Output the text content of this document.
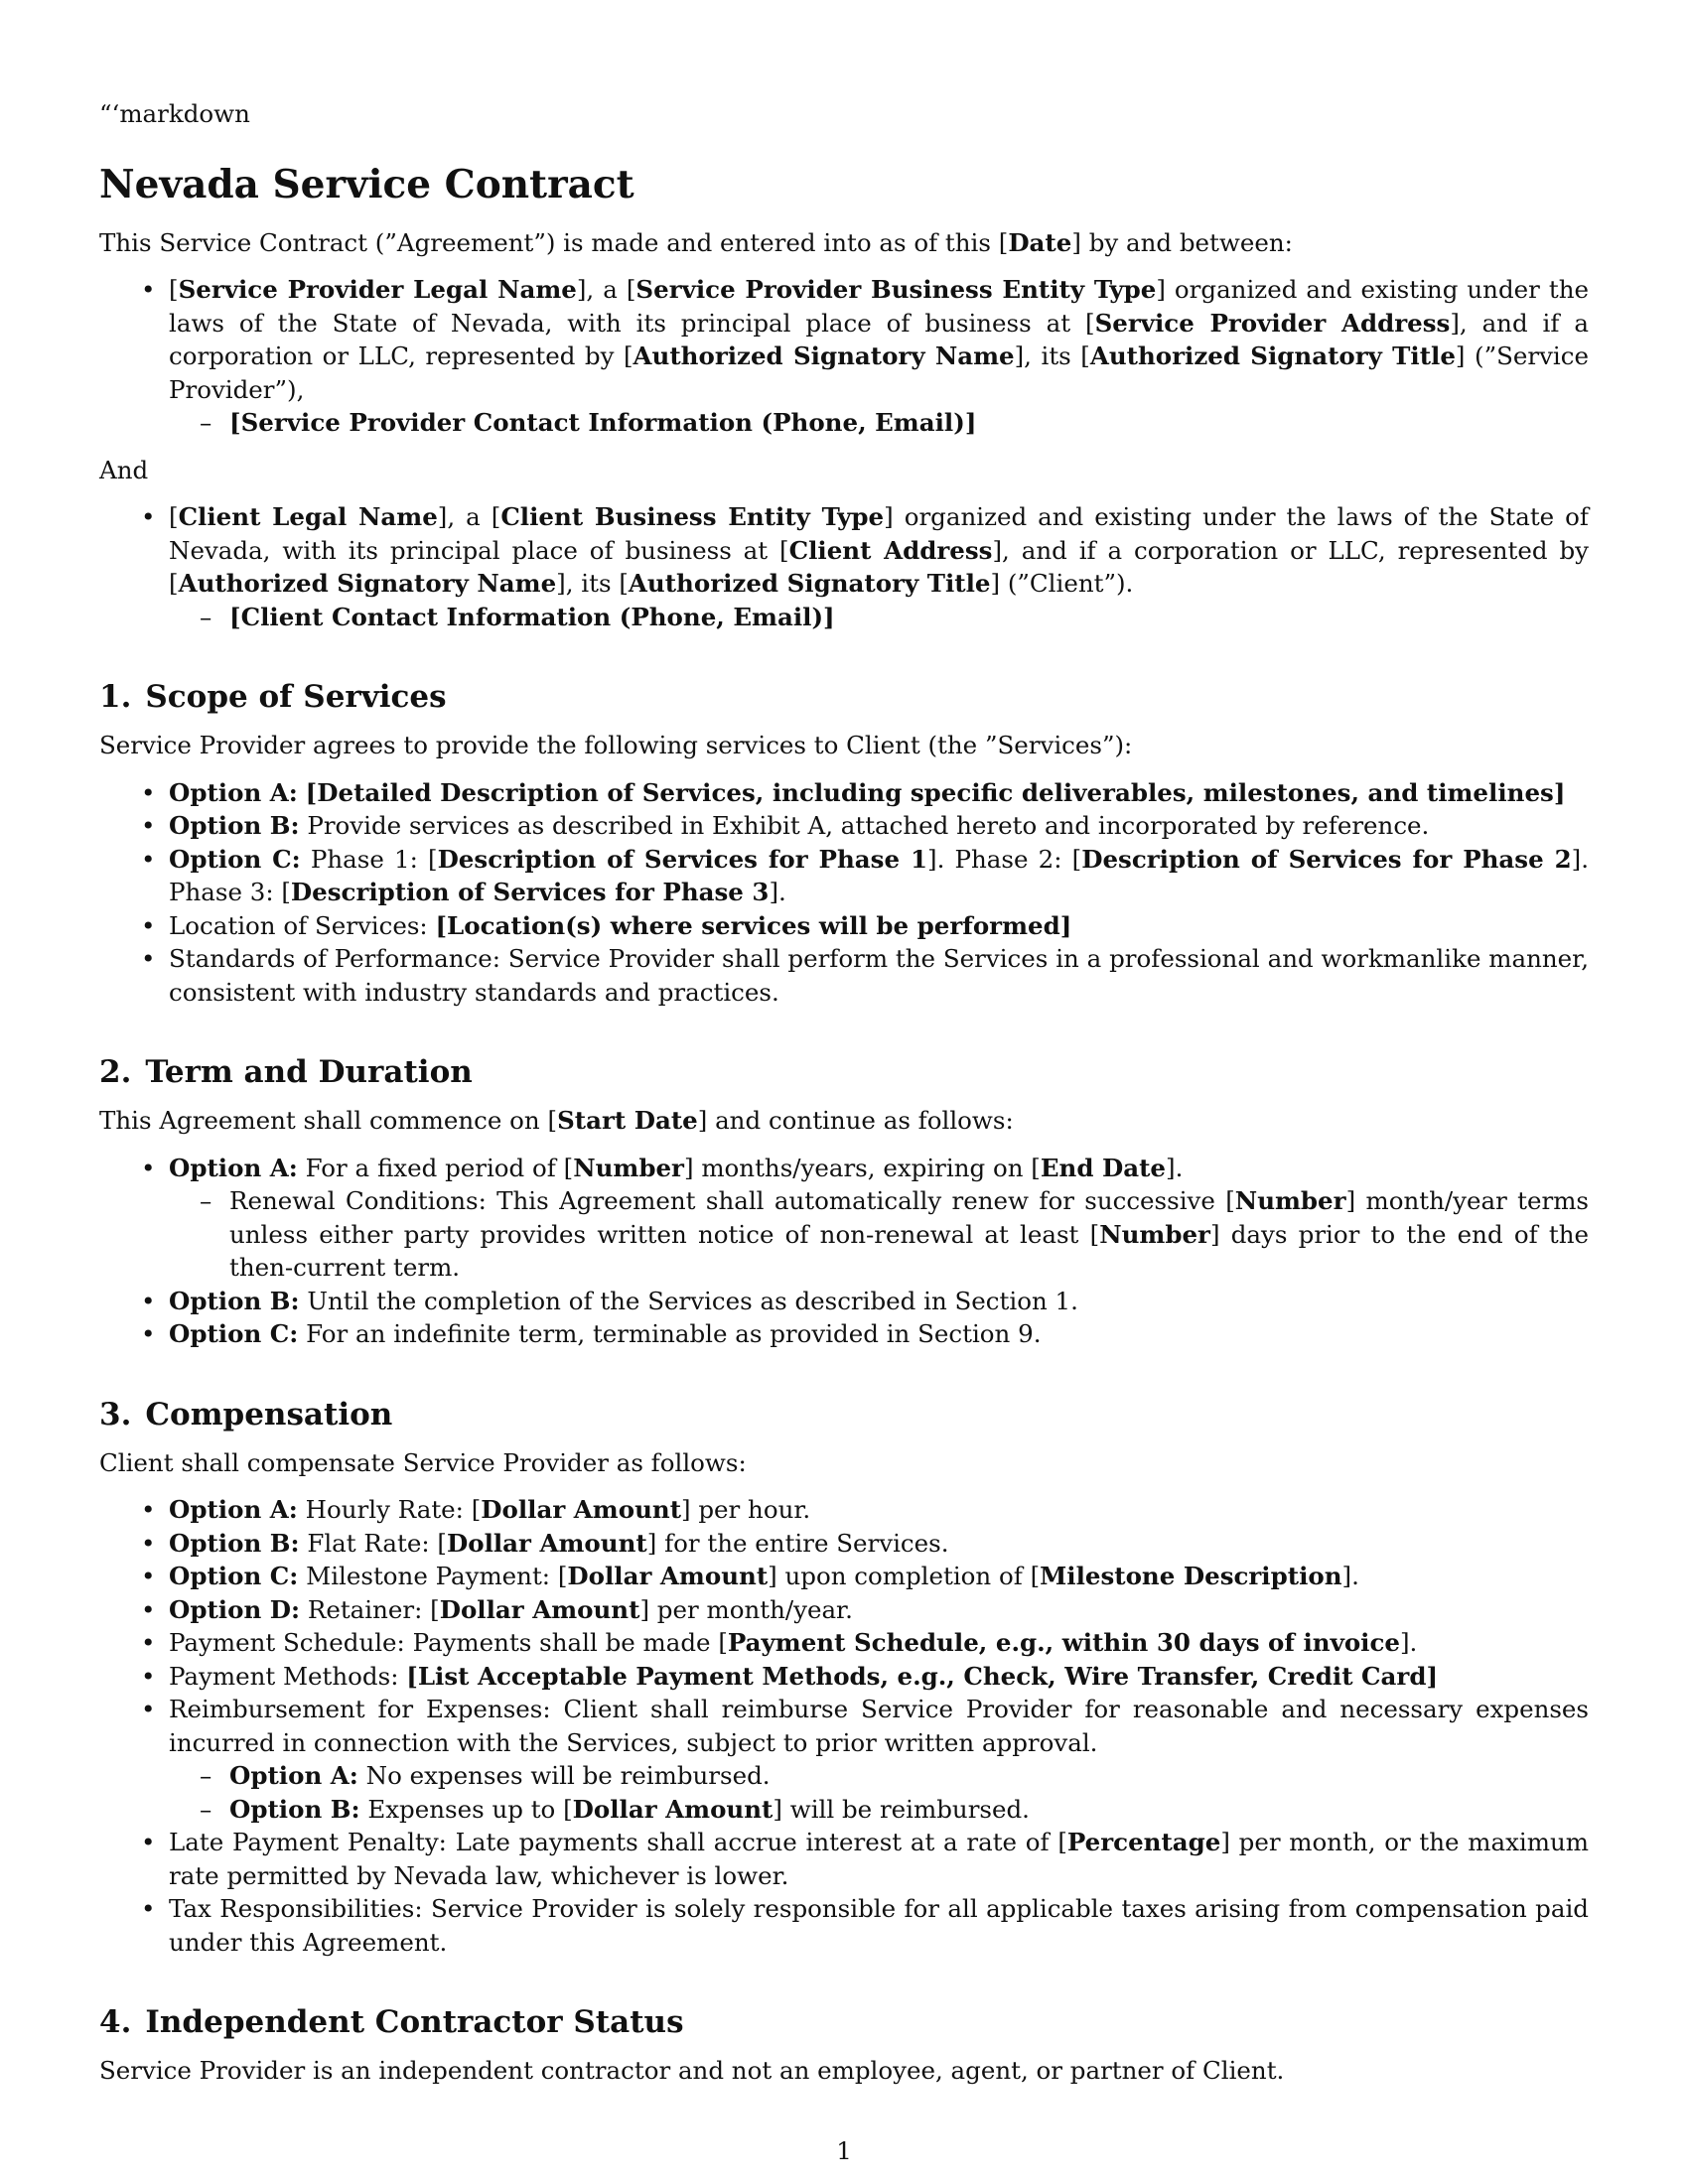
“‘markdown
Nevada Service Contract

This Service Contract (”Agreement”) is made and entered into as of this [Date] by and between:

• [Service Provider Legal Name], a [Service Provider Business Entity Type] organized and existing under the laws of the State of Nevada, with its principal place of business at [Service Provider Address], and if a corporation or LLC, represented by [Authorized Signatory Name], its [Authorized Signatory Title] (”Service Provider”),
– [Service Provider Contact Information (Phone, Email)]

And

• [Client Legal Name], a [Client Business Entity Type] organized and existing under the laws of the State of Nevada, with its principal place of business at [Client Address], and if a corporation or LLC, represented by [Authorized Signatory Name], its [Authorized Signatory Title] (”Client”).
– [Client Contact Information (Phone, Email)]
1. Scope of Services

Service Provider agrees to provide the following services to Client (the ”Services”):

• Option A: [Detailed Description of Services, including specific deliverables, milestones, and timelines]
• Option B: Provide services as described in Exhibit A, attached hereto and incorporated by reference.
• Option C: Phase 1: [Description of Services for Phase 1]. Phase 2: [Description of Services for Phase 2]. Phase 3: [Description of Services for Phase 3].
• Location of Services: [Location(s) where services will be performed]
• Standards of Performance: Service Provider shall perform the Services in a professional and workmanlike manner, consistent with industry standards and practices.
2. Term and Duration

This Agreement shall commence on [Start Date] and continue as follows:

• Option A: For a fixed period of [Number] months/years, expiring on [End Date].
– Renewal Conditions: This Agreement shall automatically renew for successive [Number] month/year terms unless either party provides written notice of non-renewal at least [Number] days prior to the end of the then-current term.
• Option B: Until the completion of the Services as described in Section 1.
• Option C: For an indefinite term, terminable as provided in Section 9.
3. Compensation

Client shall compensate Service Provider as follows:

• Option A: Hourly Rate: [Dollar Amount] per hour.
• Option B: Flat Rate: [Dollar Amount] for the entire Services.
• Option C: Milestone Payment: [Dollar Amount] upon completion of [Milestone Description].
• Option D: Retainer: [Dollar Amount] per month/year.
• Payment Schedule: Payments shall be made [Payment Schedule, e.g., within 30 days of invoice].
• Payment Methods: [List Acceptable Payment Methods, e.g., Check, Wire Transfer, Credit Card]
• Reimbursement for Expenses: Client shall reimburse Service Provider for reasonable and necessary expenses incurred in connection with the Services, subject to prior written approval.
– Option A: No expenses will be reimbursed.
– Option B: Expenses up to [Dollar Amount] will be reimbursed.
• Late Payment Penalty: Late payments shall accrue interest at a rate of [Percentage] per month, or the maximum rate permitted by Nevada law, whichever is lower.
• Tax Responsibilities: Service Provider is solely responsible for all applicable taxes arising from compensation paid under this Agreement.
4. Independent Contractor Status

Service Provider is an independent contractor and not an employee, agent, or partner of Client.

1
